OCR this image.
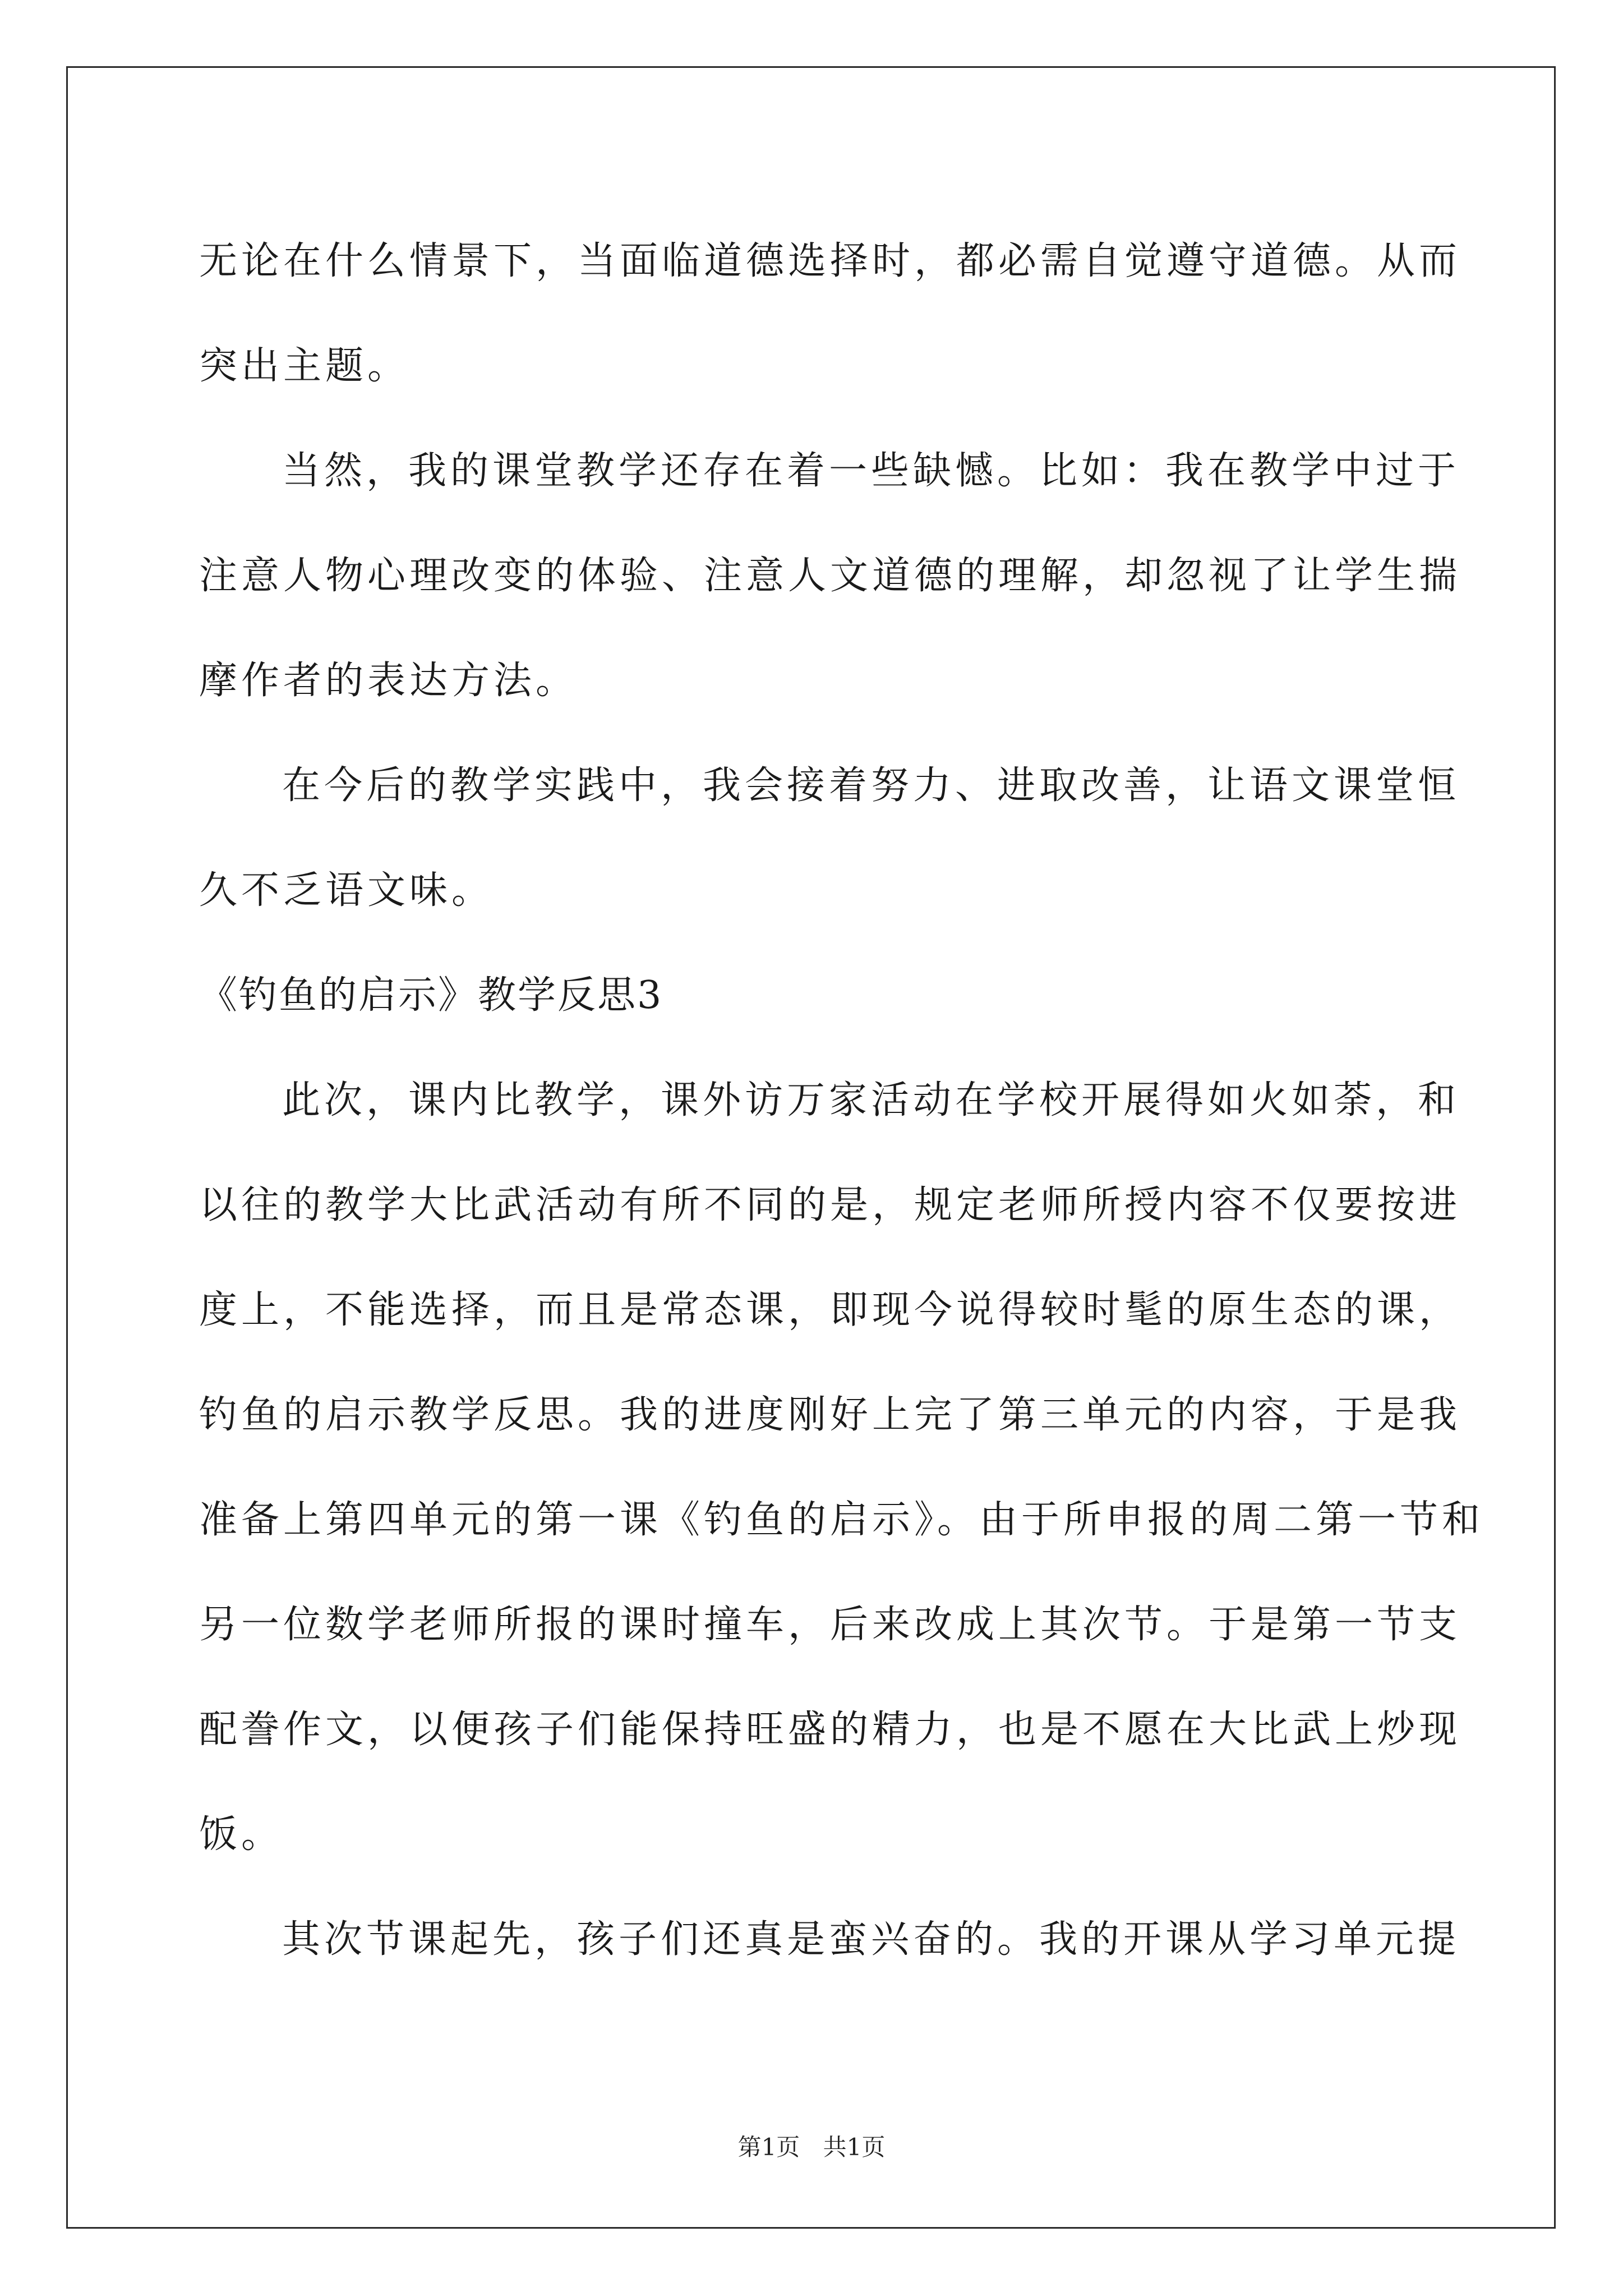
无论在什么情景下，当面临道德选择时，都必需自觉遵守道德。从而
突出主题。
当然，我的课堂教学还存在着一些缺憾。比如：我在教学中过于
注意人物心理改变的体验、注意人文道德的理解，却忽视了让学生揣
摩作者的表达方法。
在今后的教学实践中，我会接着努力、进取改善，让语文课堂恒
久不乏语文味。
《钓鱼的启示》教学反思3
此次，课内比教学，课外访万家活动在学校开展得如火如荼，和
以往的教学大比武活动有所不同的是，规定老师所授内容不仅要按进
度上，不能选择，而且是常态课，即现今说得较时髦的原生态的课，
钓鱼的启示教学反思。我的进度刚好上完了第三单元的内容，于是我
准备上第四单元的第一课《钓鱼的启示》。由于所申报的周二第一节和
另一位数学老师所报的课时撞车，后来改成上其次节。于是第一节支
配誊作文，以便孩子们能保持旺盛的精力，也是不愿在大比武上炒现
饭。
其次节课起先，孩子们还真是蛮兴奋的。我的开课从学习单元提
第1页 共1页
